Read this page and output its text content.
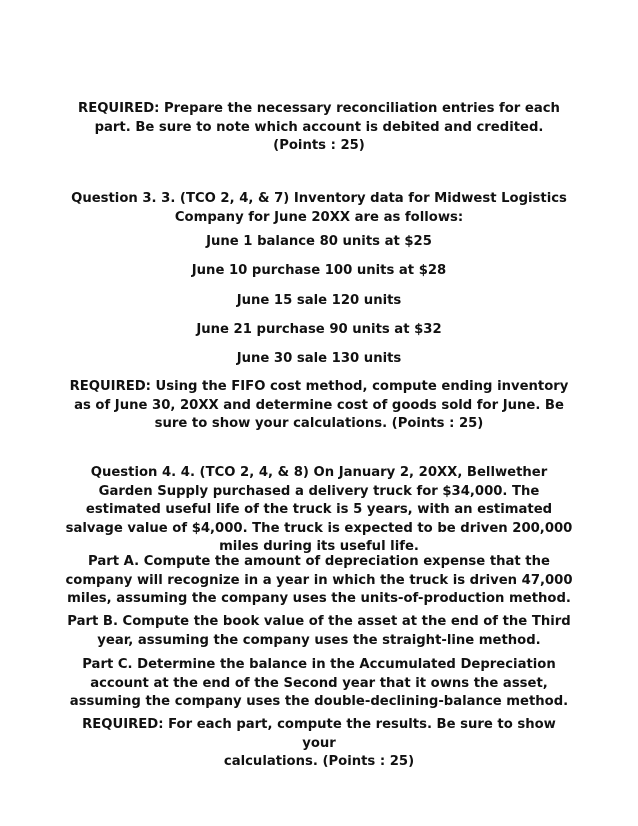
REQUIRED: Prepare the necessary reconciliation entries for each
part. Be sure to note which account is debited and credited.
(Points : 25)

Question 3. 3. (TCO 2, 4, & 7) Inventory data for Midwest Logistics
Company for June 20XX are as follows:

June 1 balance 80 units at $25

June 10 purchase 100 units at $28

June 15 sale 120 units

June 21 purchase 90 units at $32

June 30 sale 130 units

REQUIRED: Using the FIFO cost method, compute ending inventory
as of June 30, 20XX and determine cost of goods sold for June. Be
sure to show your calculations. (Points : 25)

Question 4. 4. (TCO 2, 4, & 8) On January 2, 20XX, Bellwether
Garden Supply purchased a delivery truck for $34,000. The
estimated useful life of the truck is 5 years, with an estimated
salvage value of $4,000. The truck is expected to be driven 200,000
miles during its useful life.

Part A. Compute the amount of depreciation expense that the
company will recognize in a year in which the truck is driven 47,000
miles, assuming the company uses the units-of-production method.

Part B. Compute the book value of the asset at the end of the Third
year, assuming the company uses the straight-line method.

Part C. Determine the balance in the Accumulated Depreciation
account at the end of the Second year that it owns the asset,
assuming the company uses the double-declining-balance method.

REQUIRED: For each part, compute the results. Be sure to show your
calculations. (Points : 25)
